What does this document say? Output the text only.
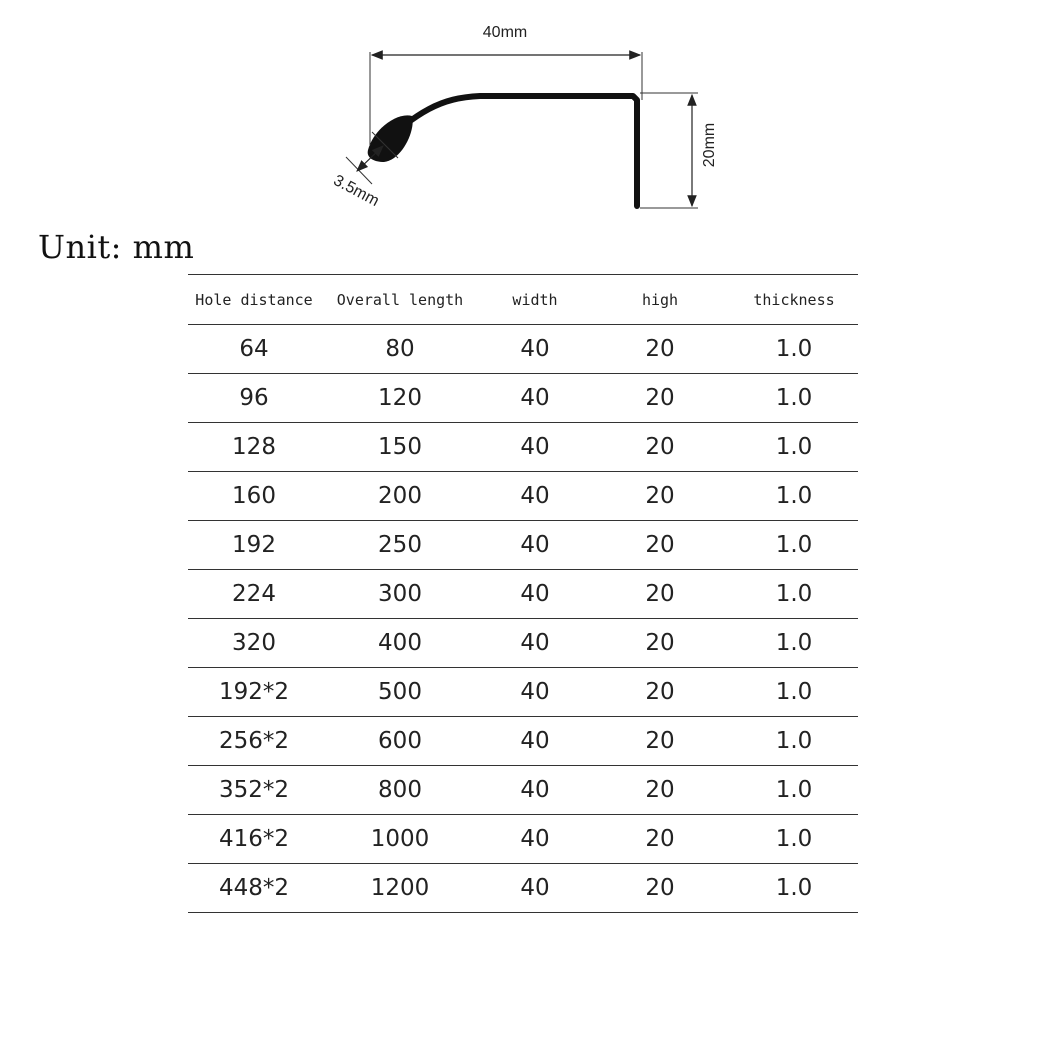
40mm
20mm
3.5mm
Unit: mm
Hole distance	Overall length	width	high	thickness
64	80	40	20	1.0
96	120	40	20	1.0
128	150	40	20	1.0
160	200	40	20	1.0
192	250	40	20	1.0
224	300	40	20	1.0
320	400	40	20	1.0
192*2	500	40	20	1.0
256*2	600	40	20	1.0
352*2	800	40	20	1.0
416*2	1000	40	20	1.0
448*2	1200	40	20	1.0
